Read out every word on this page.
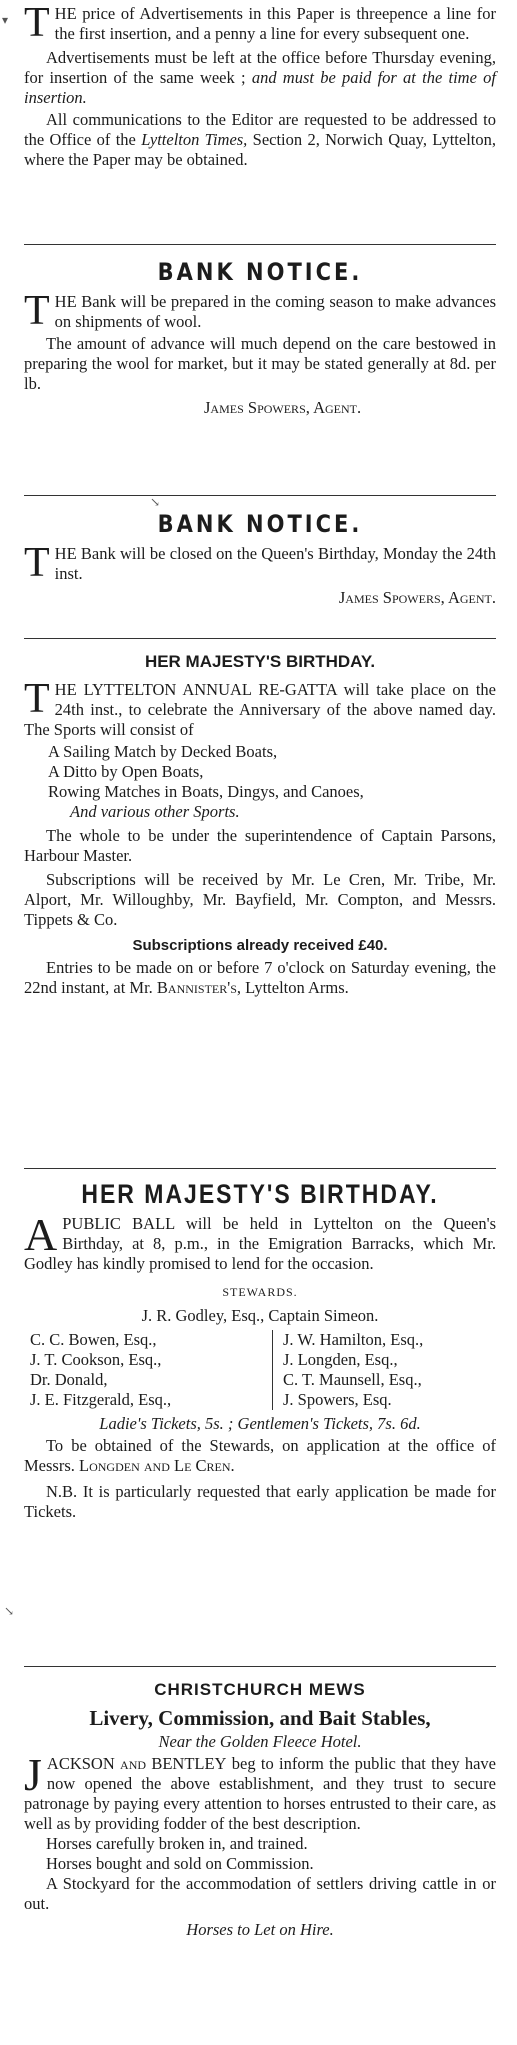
▾ THE price of Advertisements in this Paper is threepence a line for the first insertion, and a penny a line for every subsequent one.

Advertisements must be left at the office before Thursday evening, for insertion of the same week ; and must be paid for at the time of insertion.

All communications to the Editor are requested to be addressed to the Office of the Lyttelton Times, Section 2, Norwich Quay, Lyttelton, where the Paper may be obtained.

BANK NOTICE.

THE Bank will be prepared in the coming season to make advances on shipments of wool.

The amount of advance will much depend on the care bestowed in preparing the wool for market, but it may be stated generally at 8d. per lb.

James Spowers, Agent.

↘

BANK NOTICE.

THE Bank will be closed on the Queen's Birthday, Monday the 24th inst.

James Spowers, Agent.

HER MAJESTY'S BIRTHDAY.

THE LYTTELTON ANNUAL RE-GATTA will take place on the 24th inst., to celebrate the Anniversary of the above named day. The Sports will consist of

A Sailing Match by Decked Boats,

A Ditto by Open Boats,

Rowing Matches in Boats, Dingys, and Canoes,

And various other Sports.

The whole to be under the superintendence of Captain Parsons, Harbour Master.

Subscriptions will be received by Mr. Le Cren, Mr. Tribe, Mr. Alport, Mr. Willoughby, Mr. Bayfield, Mr. Compton, and Messrs. Tippets & Co.

Subscriptions already received £40.

Entries to be made on or before 7 o'clock on Saturday evening, the 22nd instant, at Mr. Bannister's, Lyttelton Arms.

HER MAJESTY'S BIRTHDAY.

APUBLIC BALL will be held in Lyttelton on the Queen's Birthday, at 8, p.m., in the Emigration Barracks, which Mr. Godley has kindly promised to lend for the occasion.

STEWARDS.

J. R. Godley, Esq., Captain Simeon.

C. C. Bowen, Esq.,

J. T. Cookson, Esq.,

Dr. Donald,

J. E. Fitzgerald, Esq.,

J. W. Hamilton, Esq.,

J. Longden, Esq.,

C. T. Maunsell, Esq.,

J. Spowers, Esq.

Ladie's Tickets, 5s. ; Gentlemen's Tickets, 7s. 6d.

To be obtained of the Stewards, on application at the office of Messrs. Longden and Le Cren.

N.B. It is particularly requested that early application be made for Tickets.

↘

CHRISTCHURCH MEWS

Livery, Commission, and Bait Stables,

Near the Golden Fleece Hotel.

JACKSON and BENTLEY beg to inform the public that they have now opened the above establishment, and they trust to secure patronage by paying every attention to horses entrusted to their care, as well as by providing fodder of the best description.

Horses carefully broken in, and trained.

Horses bought and sold on Commission.

A Stockyard for the accommodation of settlers driving cattle in or out.

Horses to Let on Hire.
